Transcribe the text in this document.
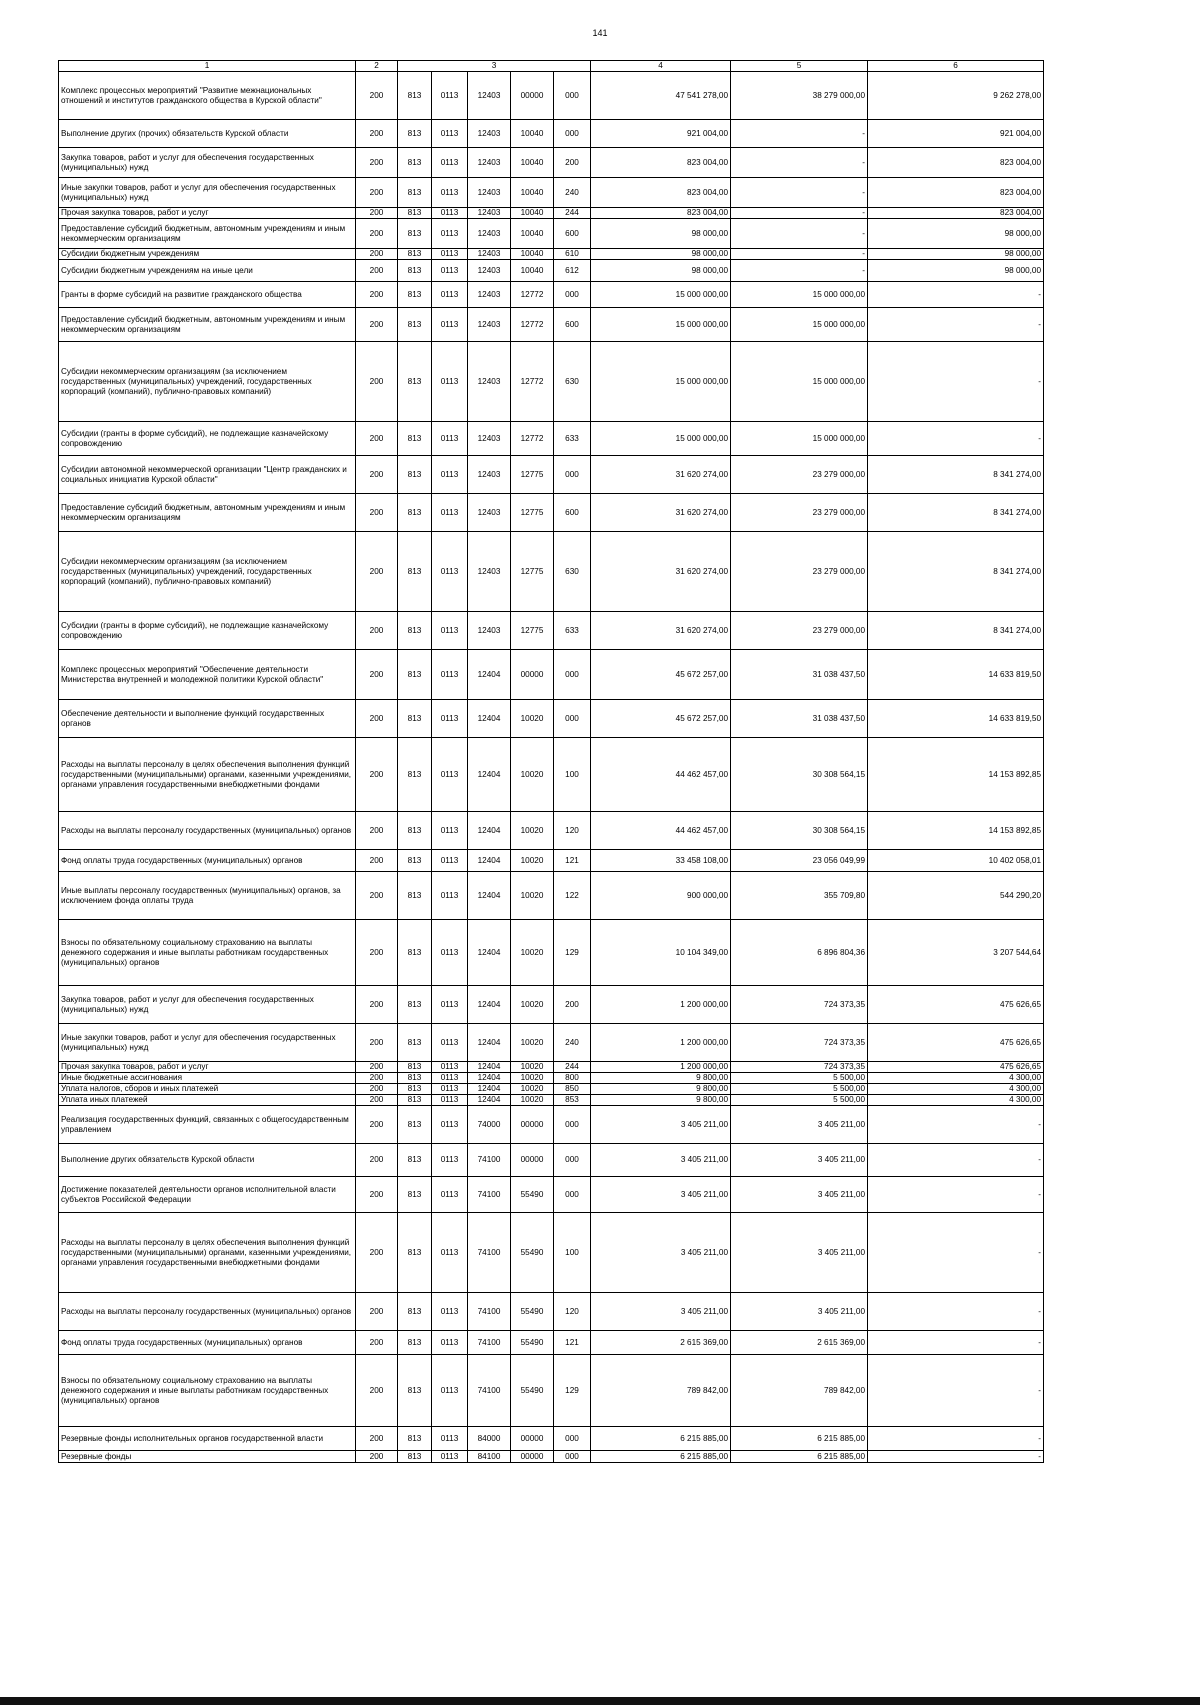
141
1	2	3					4	5	6
Комплекс процессных мероприятий "Развитие межнациональных отношений и институтов гражданского общества в Курской области"	200	813	0113	12403	00000	000	47 541 278,00	38 279 000,00	9 262 278,00
Выполнение других (прочих) обязательств Курской области	200	813	0113	12403	10040	000	921 004,00	-	921 004,00
Закупка товаров, работ и услуг для обеспечения государственных (муниципальных) нужд	200	813	0113	12403	10040	200	823 004,00	-	823 004,00
Иные закупки товаров, работ и услуг для обеспечения государственных (муниципальных) нужд	200	813	0113	12403	10040	240	823 004,00	-	823 004,00
Прочая закупка товаров, работ и услуг	200	813	0113	12403	10040	244	823 004,00	-	823 004,00
Предоставление субсидий бюджетным, автономным учреждениям и иным некоммерческим организациям	200	813	0113	12403	10040	600	98 000,00	-	98 000,00
Субсидии бюджетным учреждениям	200	813	0113	12403	10040	610	98 000,00	-	98 000,00
Субсидии бюджетным учреждениям на иные цели	200	813	0113	12403	10040	612	98 000,00	-	98 000,00
Гранты в форме субсидий на развитие гражданского общества	200	813	0113	12403	12772	000	15 000 000,00	15 000 000,00	-
Предоставление субсидий бюджетным, автономным учреждениям и иным некоммерческим организациям	200	813	0113	12403	12772	600	15 000 000,00	15 000 000,00	-
Субсидии некоммерческим организациям (за исключением государственных (муниципальных) учреждений, государственных корпораций (компаний), публично-правовых компаний)	200	813	0113	12403	12772	630	15 000 000,00	15 000 000,00	-
Субсидии (гранты в форме субсидий), не подлежащие казначейскому сопровождению	200	813	0113	12403	12772	633	15 000 000,00	15 000 000,00	-
Субсидии автономной некоммерческой организации "Центр гражданских и социальных инициатив Курской области"	200	813	0113	12403	12775	000	31 620 274,00	23 279 000,00	8 341 274,00
Предоставление субсидий бюджетным, автономным учреждениям и иным некоммерческим организациям	200	813	0113	12403	12775	600	31 620 274,00	23 279 000,00	8 341 274,00
Субсидии некоммерческим организациям (за исключением государственных (муниципальных) учреждений, государственных корпораций (компаний), публично-правовых компаний)	200	813	0113	12403	12775	630	31 620 274,00	23 279 000,00	8 341 274,00
Субсидии (гранты в форме субсидий), не подлежащие казначейскому сопровождению	200	813	0113	12403	12775	633	31 620 274,00	23 279 000,00	8 341 274,00
Комплекс процессных мероприятий "Обеспечение деятельности Министерства внутренней и молодежной политики Курской области"	200	813	0113	12404	00000	000	45 672 257,00	31 038 437,50	14 633 819,50
Обеспечение деятельности и выполнение функций государственных органов	200	813	0113	12404	10020	000	45 672 257,00	31 038 437,50	14 633 819,50
Расходы на выплаты персоналу в целях обеспечения выполнения функций государственными (муниципальными) органами, казенными учреждениями, органами управления государственными внебюджетными фондами	200	813	0113	12404	10020	100	44 462 457,00	30 308 564,15	14 153 892,85
Расходы на выплаты персоналу государственных (муниципальных) органов	200	813	0113	12404	10020	120	44 462 457,00	30 308 564,15	14 153 892,85
Фонд оплаты труда государственных (муниципальных) органов	200	813	0113	12404	10020	121	33 458 108,00	23 056 049,99	10 402 058,01
Иные выплаты персоналу государственных (муниципальных) органов, за исключением фонда оплаты труда	200	813	0113	12404	10020	122	900 000,00	355 709,80	544 290,20
Взносы по обязательному социальному страхованию на выплаты денежного содержания и иные выплаты работникам государственных (муниципальных) органов	200	813	0113	12404	10020	129	10 104 349,00	6 896 804,36	3 207 544,64
Закупка товаров, работ и услуг для обеспечения государственных (муниципальных) нужд	200	813	0113	12404	10020	200	1 200 000,00	724 373,35	475 626,65
Иные закупки товаров, работ и услуг для обеспечения государственных (муниципальных) нужд	200	813	0113	12404	10020	240	1 200 000,00	724 373,35	475 626,65
Прочая закупка товаров, работ и услуг	200	813	0113	12404	10020	244	1 200 000,00	724 373,35	475 626,65
Иные бюджетные ассигнования	200	813	0113	12404	10020	800	9 800,00	5 500,00	4 300,00
Уплата налогов, сборов и иных платежей	200	813	0113	12404	10020	850	9 800,00	5 500,00	4 300,00
Уплата иных платежей	200	813	0113	12404	10020	853	9 800,00	5 500,00	4 300,00
Реализация государственных функций, связанных с общегосударственным управлением	200	813	0113	74000	00000	000	3 405 211,00	3 405 211,00	-
Выполнение других обязательств Курской области	200	813	0113	74100	00000	000	3 405 211,00	3 405 211,00	-
Достижение показателей деятельности органов исполнительной власти субъектов Российской Федерации	200	813	0113	74100	55490	000	3 405 211,00	3 405 211,00	-
Расходы на выплаты персоналу в целях обеспечения выполнения функций государственными (муниципальными) органами, казенными учреждениями, органами управления государственными внебюджетными фондами	200	813	0113	74100	55490	100	3 405 211,00	3 405 211,00	-
Расходы на выплаты персоналу государственных (муниципальных) органов	200	813	0113	74100	55490	120	3 405 211,00	3 405 211,00	-
Фонд оплаты труда государственных (муниципальных) органов	200	813	0113	74100	55490	121	2 615 369,00	2 615 369,00	-
Взносы по обязательному социальному страхованию на выплаты денежного содержания и иные выплаты работникам государственных (муниципальных) органов	200	813	0113	74100	55490	129	789 842,00	789 842,00	-
Резервные фонды исполнительных органов государственной власти	200	813	0113	84000	00000	000	6 215 885,00	6 215 885,00	-
Резервные фонды	200	813	0113	84100	00000	000	6 215 885,00	6 215 885,00	-
